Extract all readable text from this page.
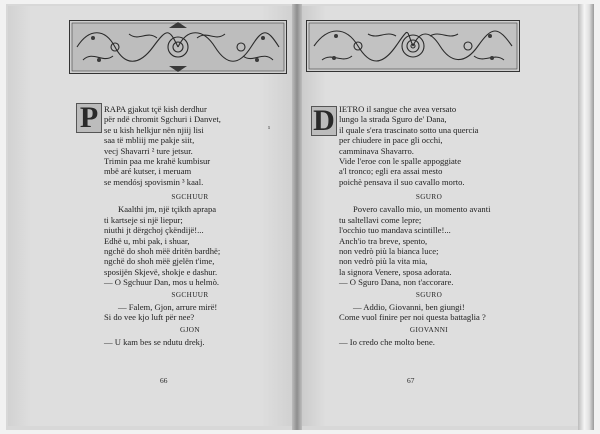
P RAPA gjakut tçë kish derdhur
për ndë chromit Sgchuri i Danvet,
se u kish helkjur nën njiij lisi
saa të mbliij me pakje siit,
vecj Shavarri ² ture jetsur.
Trimin paa me krahë kumbisur
mbë aré kutser, i meruam
se mendósj spovismin ³ kaal.
¹
SGCHUUR
Kaalthi jm, një tçikth aprapa
ti kartseje si një liepur;
niuthi jt dërgchoj çkëndijë!...
Edhë u, mbi pak, i shuar,
ngchë do shoh mëë dritën bardhë;
ngchë do shoh mëë gjelën t'ime,
sposijën Skjevë, shokje e dashur.
— O Sgchuur Dan, mos u helmò.
SGCHUUR
— Falem, Gjon, arrure mirë!
Si do vee kjo luft për nee?
GJON
— U kam bes se ndutu drekj.
66
D IETRO il sangue che avea versato
lungo la strada Sguro de' Dana,
il quale s'era trascinato sotto una quercia
per chiudere in pace gli occhi,
camminava Shavarro.
Vide l'eroe con le spalle appoggiate
a'l tronco; egli era assai mesto
poichè pensava il suo cavallo morto.
SGURO
Povero cavallo mio, un momento avanti
tu saltellavi come lepre;
l'occhio tuo mandava scintille!...
Anch'io tra breve, spento,
non vedrò più la bianca luce;
non vedrò più la vita mia,
la signora Venere, sposa adorata.
— O Sguro Dana, non t'accorare.
SGURO
— Addio, Giovanni, ben giungi!
Come vuol finire per noi questa battaglia ?
GIOVANNI
— Io credo che molto bene.
67
